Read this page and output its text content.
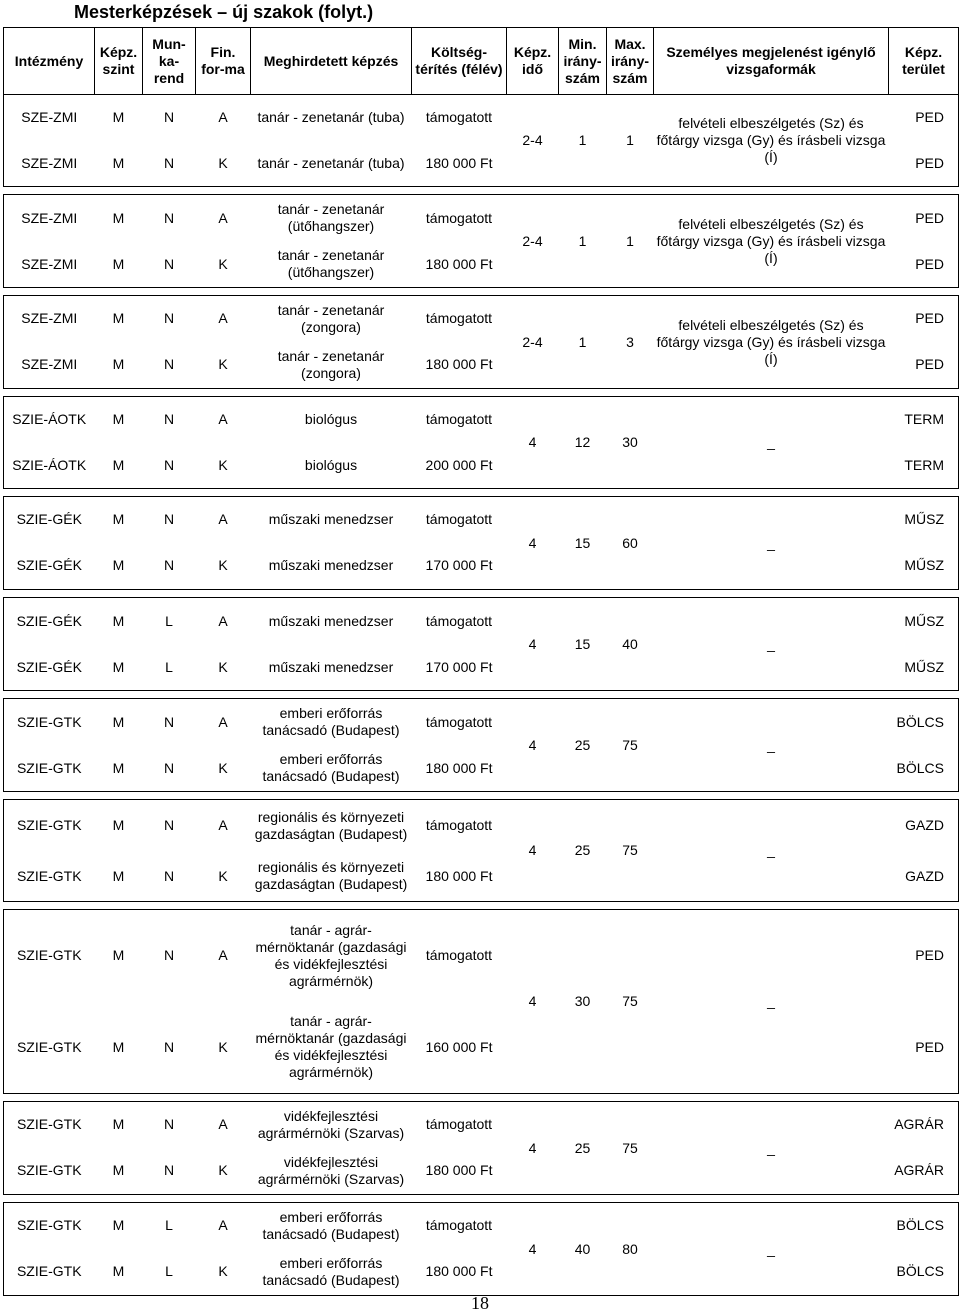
Mesterképzések – új szakok (folyt.)
Intézmény	Képz. szint	Mun-ka-rend	Fin. for-ma	Meghirdetett képzés	Költség-térítés (félév)	Képz. idő	Min. irány-szám	Max. irány-szám	Személyes megjelenést igénylő vizsgaformák	Képz. terület
SZE-ZMI	M	N	A	tanár - zenetanár (tuba)	támogatott	2-4	1	1	felvételi elbeszélgetés (Sz) és főtárgy vizsga (Gy) és írásbeli vizsga (Í)	PED
SZE-ZMI	M	N	K	tanár - zenetanár (tuba)	180 000 Ft					PED

SZE-ZMI	M	N	A	tanár - zenetanár (ütőhangszer)	támogatott	2-4	1	1	felvételi elbeszélgetés (Sz) és főtárgy vizsga (Gy) és írásbeli vizsga (Í)	PED
SZE-ZMI	M	N	K	tanár - zenetanár (ütőhangszer)	180 000 Ft					PED

SZE-ZMI	M	N	A	tanár - zenetanár (zongora)	támogatott	2-4	1	3	felvételi elbeszélgetés (Sz) és főtárgy vizsga (Gy) és írásbeli vizsga (Í)	PED
SZE-ZMI	M	N	K	tanár - zenetanár (zongora)	180 000 Ft					PED

SZIE-ÁOTK	M	N	A	biológus	támogatott	4	12	30	_	TERM
SZIE-ÁOTK	M	N	K	biológus	200 000 Ft					TERM

SZIE-GÉK	M	N	A	műszaki menedzser	támogatott	4	15	60	_	MŰSZ
SZIE-GÉK	M	N	K	műszaki menedzser	170 000 Ft					MŰSZ

SZIE-GÉK	M	L	A	műszaki menedzser	támogatott	4	15	40	_	MŰSZ
SZIE-GÉK	M	L	K	műszaki menedzser	170 000 Ft					MŰSZ

SZIE-GTK	M	N	A	emberi erőforrás tanácsadó (Budapest)	támogatott	4	25	75	_	BÖLCS
SZIE-GTK	M	N	K	emberi erőforrás tanácsadó (Budapest)	180 000 Ft					BÖLCS

SZIE-GTK	M	N	A	regionális és környezeti gazdaságtan (Budapest)	támogatott	4	25	75	_	GAZD
SZIE-GTK	M	N	K	regionális és környezeti gazdaságtan (Budapest)	180 000 Ft					GAZD

SZIE-GTK	M	N	A	tanár - agrár-mérnöktanár (gazdasági és vidékfejlesztési agrármérnök)	támogatott	4	30	75	_	PED
SZIE-GTK	M	N	K	tanár - agrár-mérnöktanár (gazdasági és vidékfejlesztési agrármérnök)	160 000 Ft					PED

SZIE-GTK	M	N	A	vidékfejlesztési agrármérnöki (Szarvas)	támogatott	4	25	75	_	AGRÁR
SZIE-GTK	M	N	K	vidékfejlesztési agrármérnöki (Szarvas)	180 000 Ft					AGRÁR

SZIE-GTK	M	L	A	emberi erőforrás tanácsadó (Budapest)	támogatott	4	40	80	_	BÖLCS
SZIE-GTK	M	L	K	emberi erőforrás tanácsadó (Budapest)	180 000 Ft					BÖLCS
18
